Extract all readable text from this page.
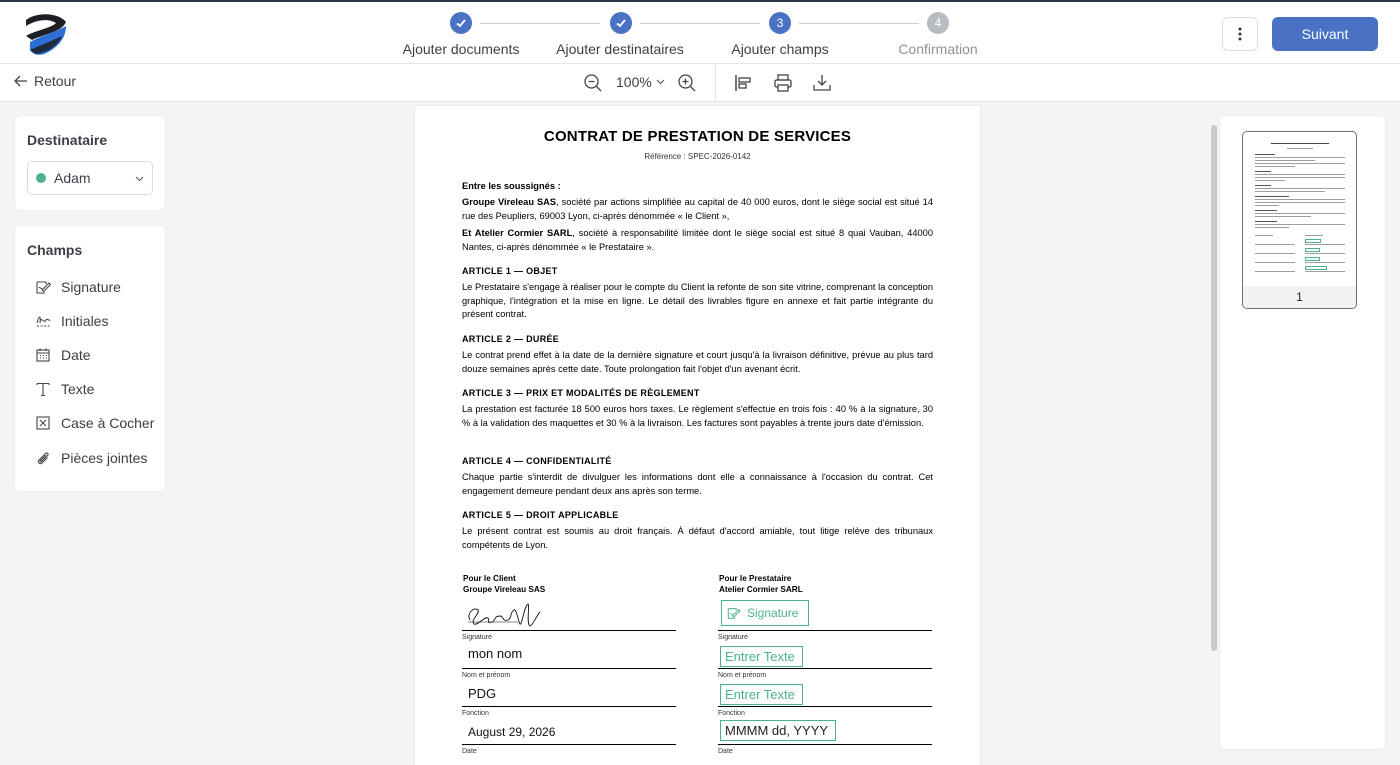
3	4
Ajouter documents	Ajouter destinataires	Ajouter champs	Confirmation
Suivant
Retour	100%
Destinataire
Adam
Champs
Signature
Initiales
Date
Texte
Case à Cocher
Pièces jointes
CONTRAT DE PRESTATION DE SERVICES
Référence : SPEC-2026-0142
Entre les soussignés :
Groupe Vireleau SAS, société par actions simplifiée au capital de 40 000 euros, dont le siège social est situé 14 rue des Peupliers, 69003 Lyon, ci-après dénommée « le Client »,
Et Atelier Cormier SARL, société à responsabilité limitée dont le siège social est situé 8 quai Vauban, 44000 Nantes, ci-après dénommée « le Prestataire ».
ARTICLE 1 — OBJET
Le Prestataire s'engage à réaliser pour le compte du Client la refonte de son site vitrine, comprenant la conception graphique, l'intégration et la mise en ligne. Le détail des livrables figure en annexe et fait partie intégrante du présent contrat.
ARTICLE 2 — DURÉE
Le contrat prend effet à la date de la dernière signature et court jusqu'à la livraison définitive, prévue au plus tard douze semaines après cette date. Toute prolongation fait l'objet d'un avenant écrit.
ARTICLE 3 — PRIX ET MODALITÉS DE RÈGLEMENT
La prestation est facturée 18 500 euros hors taxes. Le règlement s'effectue en trois fois : 40 % à la signature, 30 % à la validation des maquettes et 30 % à la livraison. Les factures sont payables à trente jours date d'émission.
ARTICLE 4 — CONFIDENTIALITÉ
Chaque partie s'interdit de divulguer les informations dont elle a connaissance à l'occasion du contrat. Cet engagement demeure pendant deux ans après son terme.
ARTICLE 5 — DROIT APPLICABLE
Le présent contrat est soumis au droit français. À défaut d'accord amiable, tout litige relève des tribunaux compétents de Lyon.
Pour le Client
Groupe Vireleau SAS
Signature
mon nom
Nom et prénom
PDG
Fonction
August 29, 2026
Date
Pour le Prestataire
Atelier Cormier SARL
Signature
Signature
Entrer Texte
Nom et prénom
Entrer Texte
Fonction
MMMM dd, YYYY
Date
1
